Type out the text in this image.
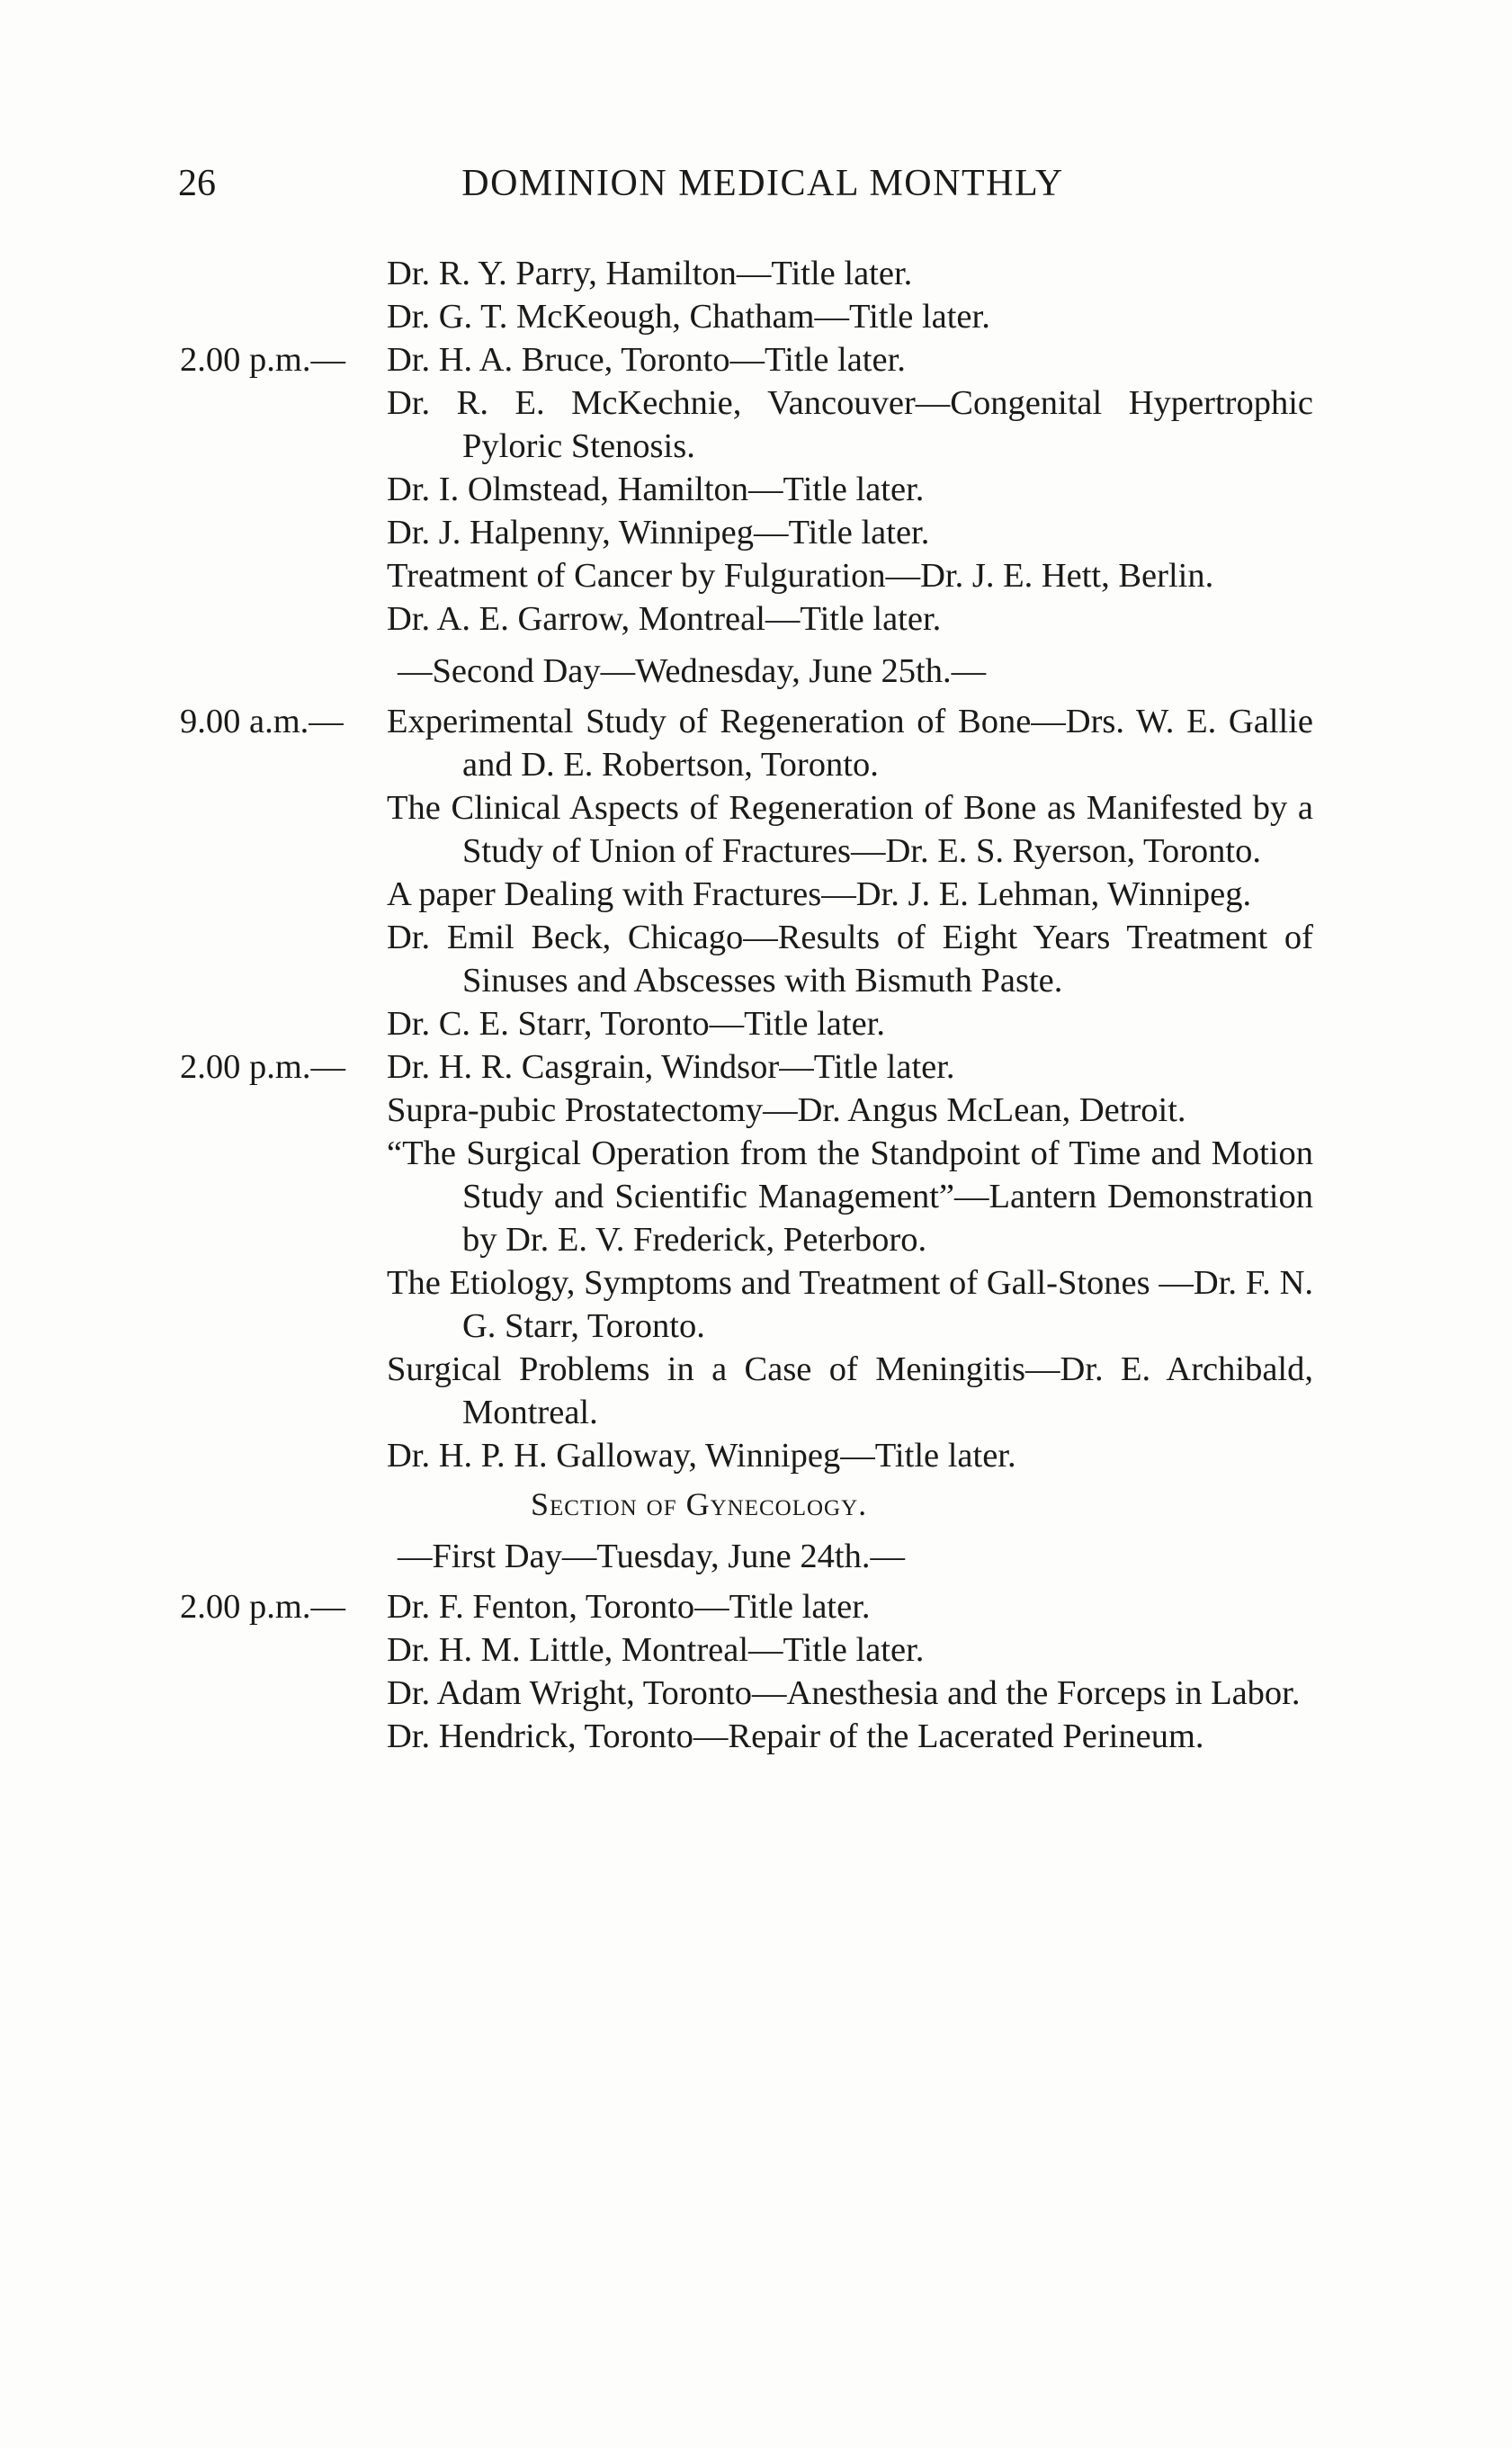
26	DOMINION MEDICAL MONTHLY
Dr. R. Y. Parry, Hamilton—Title later.
Dr. G. T. McKeough, Chatham—Title later.
2.00 p.m.— Dr. H. A. Bruce, Toronto—Title later.
Dr. R. E. McKechnie, Vancouver—Congenital Hypertrophic Pyloric Stenosis.
Dr. I. Olmstead, Hamilton—Title later.
Dr. J. Halpenny, Winnipeg—Title later.
Treatment of Cancer by Fulguration—Dr. J. E. Hett, Berlin.
Dr. A. E. Garrow, Montreal—Title later.
—Second Day—Wednesday, June 25th.—
9.00 a.m.— Experimental Study of Regeneration of Bone—Drs. W. E. Gallie and D. E. Robertson, Toronto.
The Clinical Aspects of Regeneration of Bone as Manifested by a Study of Union of Fractures—Dr. E. S. Ryerson, Toronto.
A paper Dealing with Fractures—Dr. J. E. Lehman, Winnipeg.
Dr. Emil Beck, Chicago—Results of Eight Years Treatment of Sinuses and Abscesses with Bismuth Paste.
Dr. C. E. Starr, Toronto—Title later.
2.00 p.m.— Dr. H. R. Casgrain, Windsor—Title later.
Supra-pubic Prostatectomy—Dr. Angus McLean, Detroit.
“The Surgical Operation from the Standpoint of Time and Motion Study and Scientific Management”—Lantern Demonstration by Dr. E. V. Frederick, Peterboro.
The Etiology, Symptoms and Treatment of Gall-Stones —Dr. F. N. G. Starr, Toronto.
Surgical Problems in a Case of Meningitis—Dr. E. Archibald, Montreal.
Dr. H. P. H. Galloway, Winnipeg—Title later.
Section of Gynecology.
—First Day—Tuesday, June 24th.—
2.00 p.m.— Dr. F. Fenton, Toronto—Title later.
Dr. H. M. Little, Montreal—Title later.
Dr. Adam Wright, Toronto—Anesthesia and the Forceps in Labor.
Dr. Hendrick, Toronto—Repair of the Lacerated Perineum.
